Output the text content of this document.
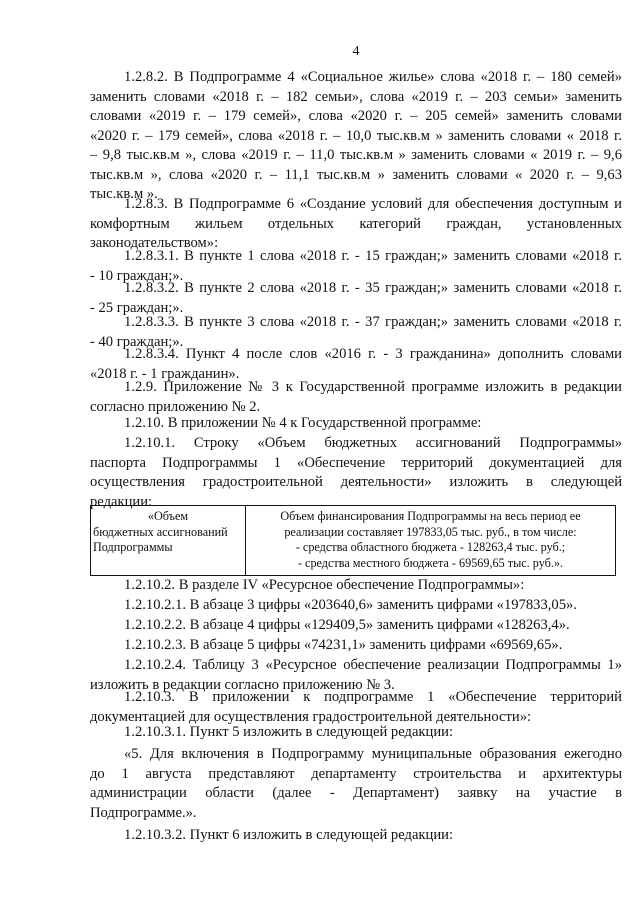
4
1.2.8.2. В Подпрограмме 4 «Социальное жилье» слова «2018 г. – 180 семей»
заменить словами «2018 г. – 182 семьи», слова «2019 г. – 203 семьи» заменить
словами «2019 г. – 179 семей», слова «2020 г. – 205 семей» заменить словами
«2020 г. – 179 семей», слова «2018 г. – 10,0 тыс.кв.м » заменить словами « 2018 г.
– 9,8 тыс.кв.м », слова «2019 г. – 11,0 тыс.кв.м » заменить словами « 2019 г. – 9,6
тыс.кв.м », слова «2020 г. – 11,1 тыс.кв.м » заменить словами « 2020 г. – 9,63
тыс.кв.м ».
1.2.8.3. В Подпрограмме 6 «Создание условий для обеспечения доступным и
комфортным жильем отдельных категорий граждан, установленных
законодательством»:
1.2.8.3.1. В пункте 1 слова «2018 г. - 15 граждан;» заменить словами «2018 г.
- 10 граждан;».
1.2.8.3.2. В пункте 2 слова «2018 г. - 35 граждан;» заменить словами «2018 г.
- 25 граждан;».
1.2.8.3.3. В пункте 3 слова «2018 г. - 37 граждан;» заменить словами «2018 г.
- 40 граждан;».
1.2.8.3.4. Пункт 4 после слов «2016 г. - 3 гражданина» дополнить словами
«2018 г. - 1 гражданин».
1.2.9. Приложение № 3 к Государственной программе изложить в редакции
согласно приложению № 2.
1.2.10. В приложении № 4 к Государственной программе:
1.2.10.1. Строку «Объем бюджетных ассигнований Подпрограммы»
паспорта Подпрограммы 1 «Обеспечение территорий документацией для
осуществления градостроительной деятельности» изложить в следующей
редакции:
«Объем
бюджетных ассигнований
Подпрограммы

Объем финансирования Подпрограммы на весь период ее
реализации составляет 197833,05 тыс. руб., в том числе:
- средства областного бюджета - 128263,4 тыс. руб.;
- средства местного бюджета - 69569,65 тыс. руб.».
1.2.10.2. В разделе IV «Ресурсное обеспечение Подпрограммы»:
1.2.10.2.1. В абзаце 3 цифры «203640,6» заменить цифрами «197833,05».
1.2.10.2.2. В абзаце 4 цифры «129409,5» заменить цифрами «128263,4».
1.2.10.2.3. В абзаце 5 цифры «74231,1» заменить цифрами «69569,65».
1.2.10.2.4. Таблицу 3 «Ресурсное обеспечение реализации Подпрограммы 1»
изложить в редакции согласно приложению № 3.
1.2.10.3. В приложении к подпрограмме 1 «Обеспечение территорий
документацией для осуществления градостроительной деятельности»:
1.2.10.3.1. Пункт 5 изложить в следующей редакции:
«5. Для включения в Подпрограмму муниципальные образования ежегодно
до 1 августа представляют департаменту строительства и архитектуры
администрации области (далее - Департамент) заявку на участие в
Подпрограмме.».
1.2.10.3.2. Пункт 6 изложить в следующей редакции:
